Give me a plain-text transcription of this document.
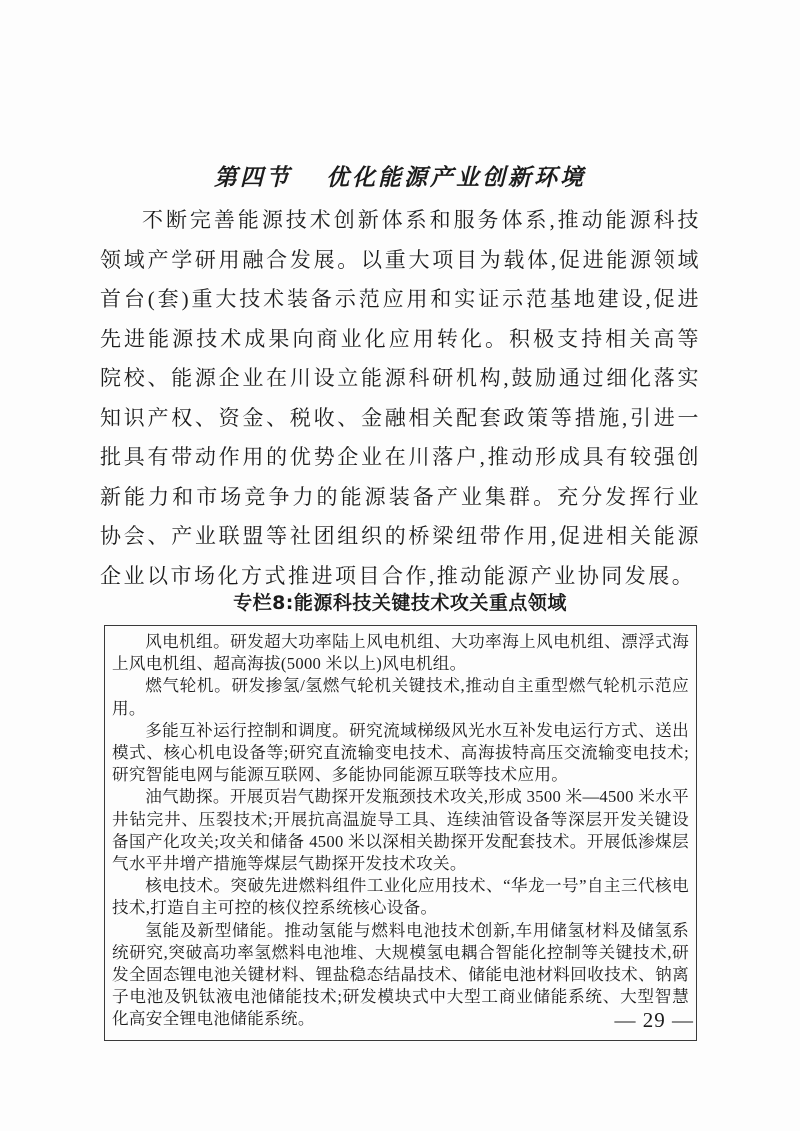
第四节 优化能源产业创新环境

不断完善能源技术创新体系和服务体系,推动能源科技领域产学研用融合发展。以重大项目为载体,促进能源领域首台(套)重大技术装备示范应用和实证示范基地建设,促进先进能源技术成果向商业化应用转化。积极支持相关高等院校、能源企业在川设立能源科研机构,鼓励通过细化落实知识产权、资金、税收、金融相关配套政策等措施,引进一批具有带动作用的优势企业在川落户,推动形成具有较强创新能力和市场竞争力的能源装备产业集群。充分发挥行业协会、产业联盟等社团组织的桥梁纽带作用,促进相关能源企业以市场化方式推进项目合作,推动能源产业协同发展。

专栏8:能源科技关键技术攻关重点领域

风电机组。研发超大功率陆上风电机组、大功率海上风电机组、漂浮式海上风电机组、超高海拔(5000 米以上)风电机组。

燃气轮机。研发掺氢/氢燃气轮机关键技术,推动自主重型燃气轮机示范应用。

多能互补运行控制和调度。研究流域梯级风光水互补发电运行方式、送出模式、核心机电设备等;研究直流输变电技术、高海拔特高压交流输变电技术;研究智能电网与能源互联网、多能协同能源互联等技术应用。

油气勘探。开展页岩气勘探开发瓶颈技术攻关,形成 3500 米—4500 米水平井钻完井、压裂技术;开展抗高温旋导工具、连续油管设备等深层开发关键设备国产化攻关;攻关和储备 4500 米以深相关勘探开发配套技术。开展低渗煤层气水平井增产措施等煤层气勘探开发技术攻关。

核电技术。突破先进燃料组件工业化应用技术、“华龙一号”自主三代核电技术,打造自主可控的核仪控系统核心设备。

氢能及新型储能。推动氢能与燃料电池技术创新,车用储氢材料及储氢系统研究,突破高功率氢燃料电池堆、大规模氢电耦合智能化控制等关键技术,研发全固态锂电池关键材料、锂盐稳态结晶技术、储能电池材料回收技术、钠离子电池及钒钛液电池储能技术;研发模块式中大型工商业储能系统、大型智慧化高安全锂电池储能系统。	— 29 —
